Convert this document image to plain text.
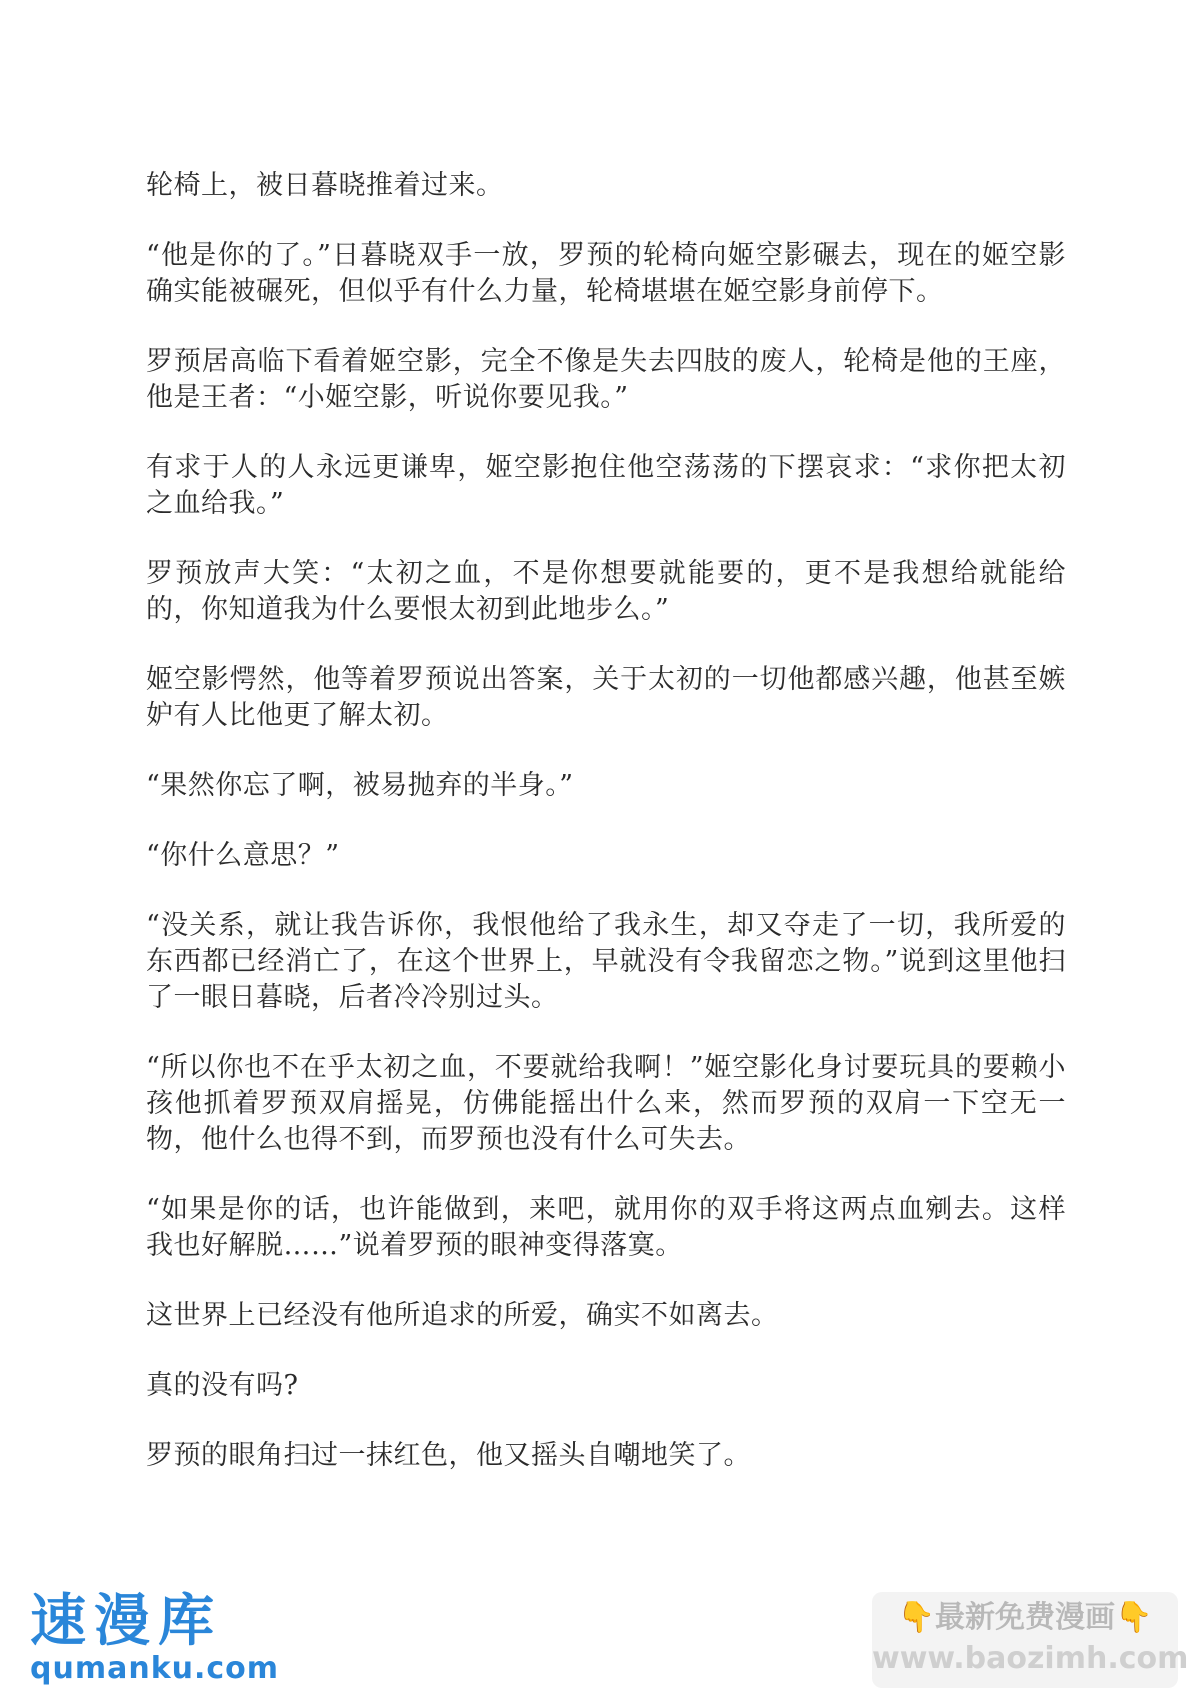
轮椅上，被日暮晓推着过来。

“他是你的了。”日暮晓双手一放，罗预的轮椅向姬空影碾去，现在的姬空影确实能被碾死，但似乎有什么力量，轮椅堪堪在姬空影身前停下。

罗预居高临下看着姬空影，完全不像是失去四肢的废人，轮椅是他的王座，他是王者：“小姬空影，听说你要见我。”

有求于人的人永远更谦卑，姬空影抱住他空荡荡的下摆哀求：“求你把太初之血给我。”

罗预放声大笑：“太初之血，不是你想要就能要的，更不是我想给就能给的，你知道我为什么要恨太初到此地步么。”

姬空影愕然，他等着罗预说出答案，关于太初的一切他都感兴趣，他甚至嫉妒有人比他更了解太初。

“果然你忘了啊，被易抛弃的半身。”

“你什么意思？”

“没关系，就让我告诉你，我恨他给了我永生，却又夺走了一切，我所爱的东西都已经消亡了，在这个世界上，早就没有令我留恋之物。”说到这里他扫了一眼日暮晓，后者冷冷别过头。

“所以你也不在乎太初之血，不要就给我啊！”姬空影化身讨要玩具的要赖小孩他抓着罗预双肩摇晃，仿佛能摇出什么来，然而罗预的双肩一下空无一物，他什么也得不到，而罗预也没有什么可失去。

“如果是你的话，也许能做到，来吧，就用你的双手将这两点血剜去。这样我也好解脱……”说着罗预的眼神变得落寞。

这世界上已经没有他所追求的所爱，确实不如离去。

真的没有吗?

罗预的眼角扫过一抹红色，他又摇头自嘲地笑了。

速漫库
qumanku.com
👇最新免费漫画👇
www.baozimh.com
